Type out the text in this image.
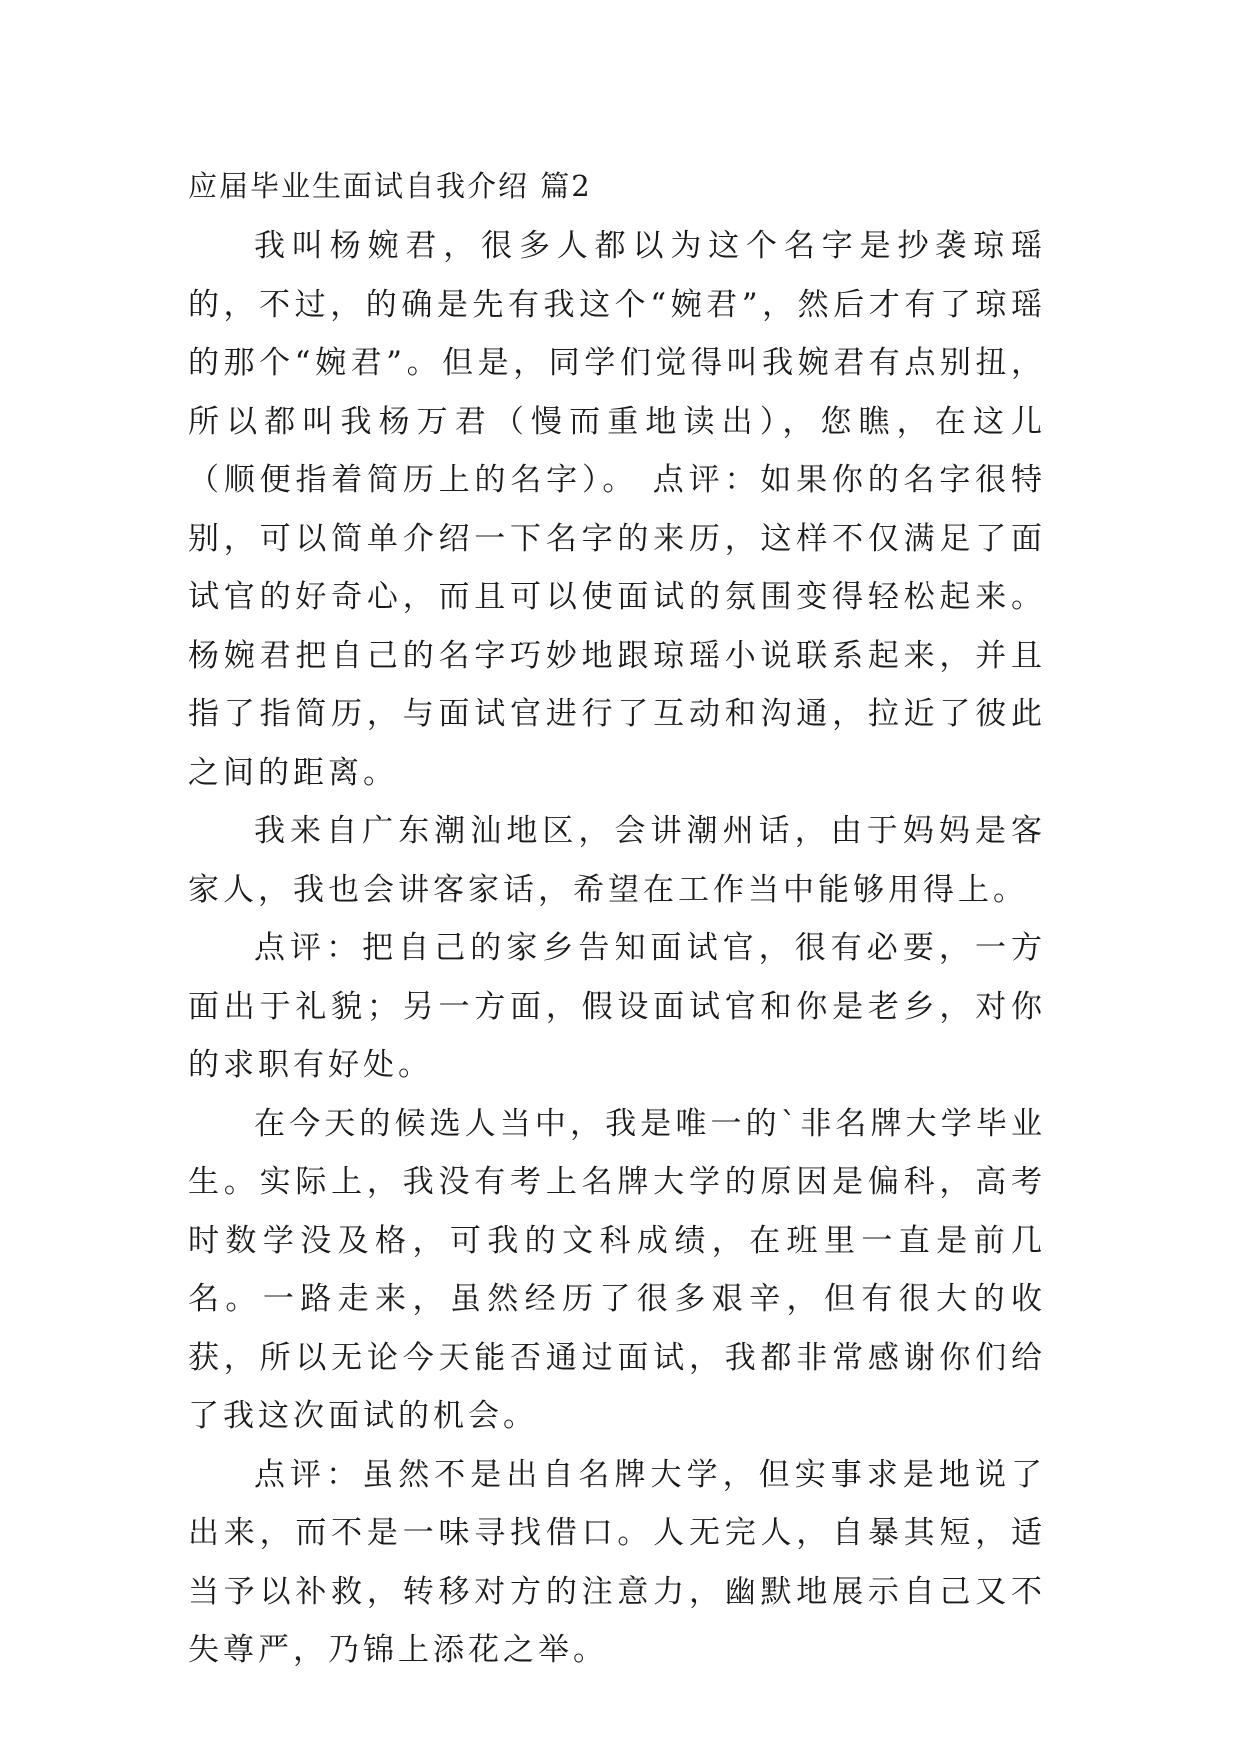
应届毕业生面试自我介绍 篇2

我叫杨婉君，很多人都以为这个名字是抄袭琼瑶的，不过，的确是先有我这个“婉君”，然后才有了琼瑶的那个“婉君”。但是，同学们觉得叫我婉君有点别扭，所以都叫我杨万君（慢而重地读出），您瞧，在这儿（顺便指着简历上的名字）。 点评：如果你的名字很特别，可以简单介绍一下名字的来历，这样不仅满足了面试官的好奇心，而且可以使面试的氛围变得轻松起来。杨婉君把自己的名字巧妙地跟琼瑶小说联系起来，并且指了指简历，与面试官进行了互动和沟通，拉近了彼此之间的距离。

我来自广东潮汕地区，会讲潮州话，由于妈妈是客家人，我也会讲客家话，希望在工作当中能够用得上。

点评：把自己的家乡告知面试官，很有必要，一方面出于礼貌；另一方面，假设面试官和你是老乡，对你的求职有好处。

在今天的候选人当中，我是唯一的`非名牌大学毕业生。实际上，我没有考上名牌大学的原因是偏科，高考时数学没及格，可我的文科成绩，在班里一直是前几名。一路走来，虽然经历了很多艰辛，但有很大的收获，所以无论今天能否通过面试，我都非常感谢你们给了我这次面试的机会。

点评：虽然不是出自名牌大学，但实事求是地说了出来，而不是一味寻找借口。人无完人，自暴其短，适当予以补救，转移对方的注意力，幽默地展示自己又不失尊严，乃锦上添花之举。
